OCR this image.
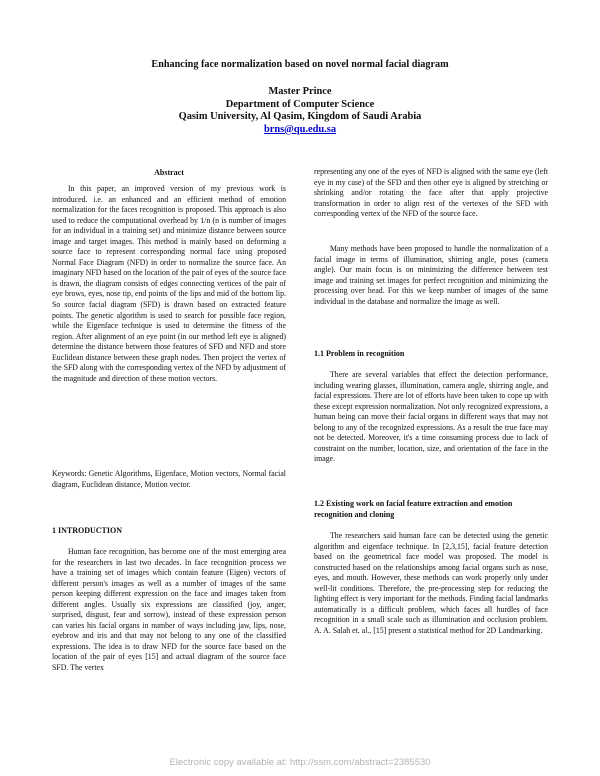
Enhancing face normalization based on novel normal facial diagram
Master Prince
Department of Computer Science
Qasim University, Al Qasim, Kingdom of Saudi Arabia
brns@qu.edu.sa
Abstract

In this paper, an improved version of my previous work is introduced. i.e. an enhanced and an efficient method of emotion normalization for the faces recognition is proposed. This approach is also used to reduce the computational overhead by 1/n (n is number of images for an individual in a training set) and minimize distance between source image and target images. This method is mainly based on deforming a source face to represent corresponding normal face using proposed Normal Face Diagram (NFD) in order to normalize the source face. An imaginary NFD based on the location of the pair of eyes of the source face is drawn, the diagram consists of edges connecting vertices of the pair of eye brows, eyes, nose tip, end points of the lips and mid of the bottom lip. So source facial diagram (SFD) is drawn based on extracted feature points. The genetic algorithm is used to search for possible face region, while the Eigenface technique is used to determine the fitness of the region. After alignment of an eye point (in our method left eye is aligned) determine the distance between those features of SFD and NFD and store Euclidean distance between these graph nodes. Then project the vertex of the SFD along with the corresponding vertex of the NFD by adjustment of the magnitude and direction of these motion vectors.

Keywords: Genetic Algorithms, Eigenface, Motion vectors, Normal facial diagram, Euclidean distance, Motion vector.

1 INTRODUCTION

Human face recognition, has become one of the most emerging area for the researchers in last two decades. In face recognition process we have a training set of images which contain feature (Eigen) vectors of different person's images as well as a number of images of the same person keeping different expression on the face and images taken from different angles. Usually six expressions are classified (joy, anger, surprised, disgust, fear and sorrow), instead of these expression person can varies his facial organs in number of ways including jaw, lips, nose, eyebrow and iris and that may not belong to any one of the classified expressions. The idea is to draw NFD for the source face based on the location of the pair of eyes [15] and actual diagram of the source face SFD. The vertex

representing any one of the eyes of NFD is aligned with the same eye (left eye in my case) of the SFD and then other eye is aligned by stretching or shrinking and/or rotating the face after that apply projective transformation in order to align rest of the vertexes of the SFD with corresponding vertex of the NFD of the source face.

Many methods have been proposed to handle the normalization of a facial image in terms of illumination, shirring angle, poses (camera angle). Our main focus is on minimizing the difference between test image and training set images for perfect recognition and minimizing the processing over head. For this we keep number of images of the same individual in the database and normalize the image as well.

1.1 Problem in recognition

There are several variables that effect the detection performance, including wearing glasses, illumination, camera angle, shirring angle, and facial expressions. There are lot of efforts have been taken to cope up with these except expression normalization. Not only recognized expressions, a human being can move their facial organs in different ways that may not belong to any of the recognized expressions. As a result the true face may not be detected. Moreover, it's a time consuming process due to lack of constraint on the number, location, size, and orientation of the face in the image.

1.2 Existing work on facial feature extraction and emotion recognition and cloning

The researchers said human face can be detected using the genetic algorithm and eigenface technique. In [2,3,15], facial feature detection based on the geometrical face model was proposed. The model is constructed based on the relationships among facial organs such as nose, eyes, and mouth. However, these methods can work properly only under well-lit conditions. Therefore, the pre-processing step for reducing the lighting effect is very important for the methods. Finding facial landmarks automatically is a difficult problem, which faces all hurdles of face recognition in a small scale such as illumination and occlusion problem. A. A. Salah et. al., [15] present a statistical method for 2D Landmarking.

Electronic copy available at: http://ssm.com/abstract=2385530
